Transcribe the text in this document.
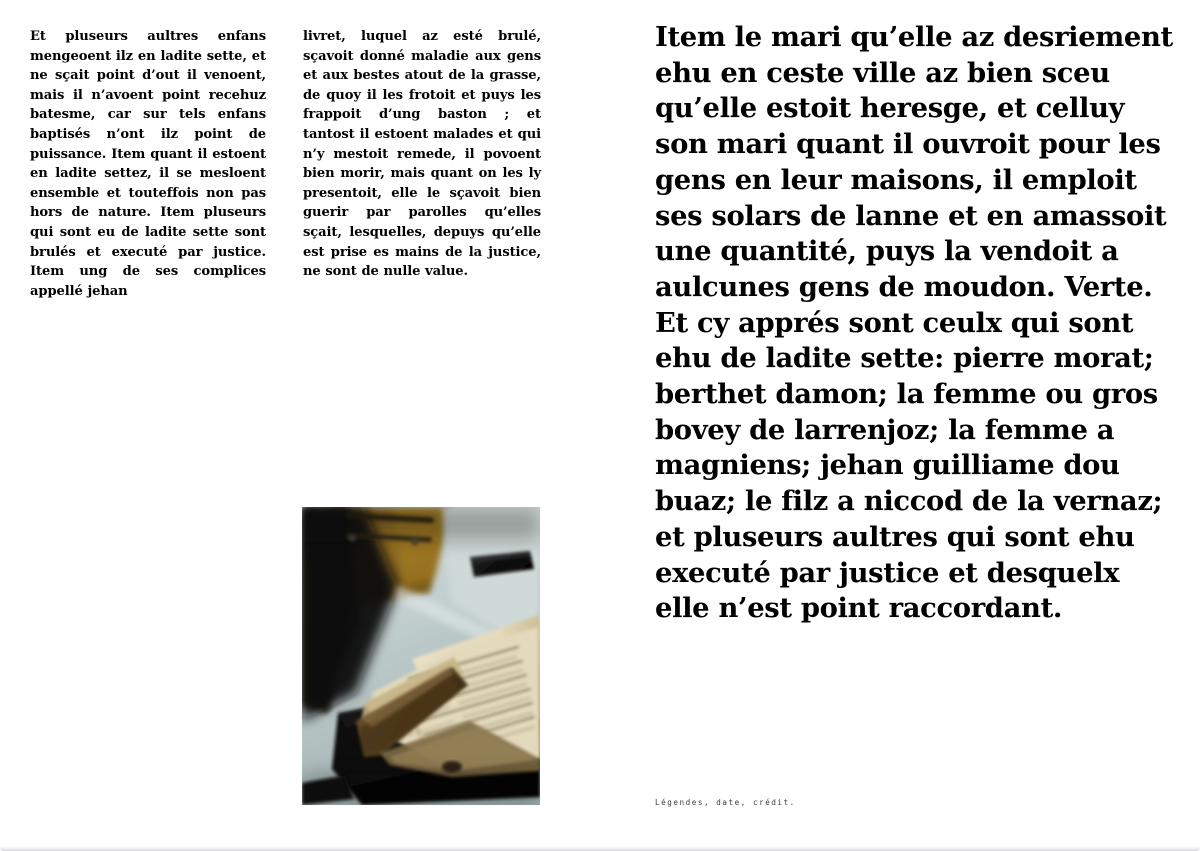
Et pluseurs aultres enfans mengeoent ilz en ladite sette, et ne sçait point d’out il venoent, mais il n’avoent point recehuz batesme, car sur tels enfans baptisés n’ont ilz point de puissance. Item quant il estoent en ladite settez, il se mesloent ensemble et touteffois non pas hors de nature. Item pluseurs qui sont eu de ladite sette sont brulés et executé par justice. Item ung de ses complices appellé jehan

livret, luquel az esté brulé, sçavoit donné maladie aux gens et aux bestes atout de la grasse, de quoy il les frotoit et puys les frappoit d’ung baston ; et tantost il estoent malades et qui n’y mestoit remede, il povoent bien morir, mais quant on les ly presentoit, elle le sçavoit bien guerir par parolles qu’elles sçait, lesquelles, depuys qu’elle est prise es mains de la justice, ne sont de nulle value.

Item le mari qu’elle az desriement ehu en ceste ville az bien sceu qu’elle estoit heresge, et celluy son mari quant il ouvroit pour les gens en leur maisons, il emploit ses solars de lanne et en amassoit une quantité, puys la vendoit a aulcunes gens de moudon. Verte. Et cy apprés sont ceulx qui sont ehu de ladite sette: pierre morat; berthet damon; la femme ou gros bovey de larrenjoz; la femme a magniens; jehan guilliame dou buaz; le filz a niccod de la vernaz; et pluseurs aultres qui sont ehu executé par justice et desquelx elle n’est point raccordant.

Légendes, date, crédit.
